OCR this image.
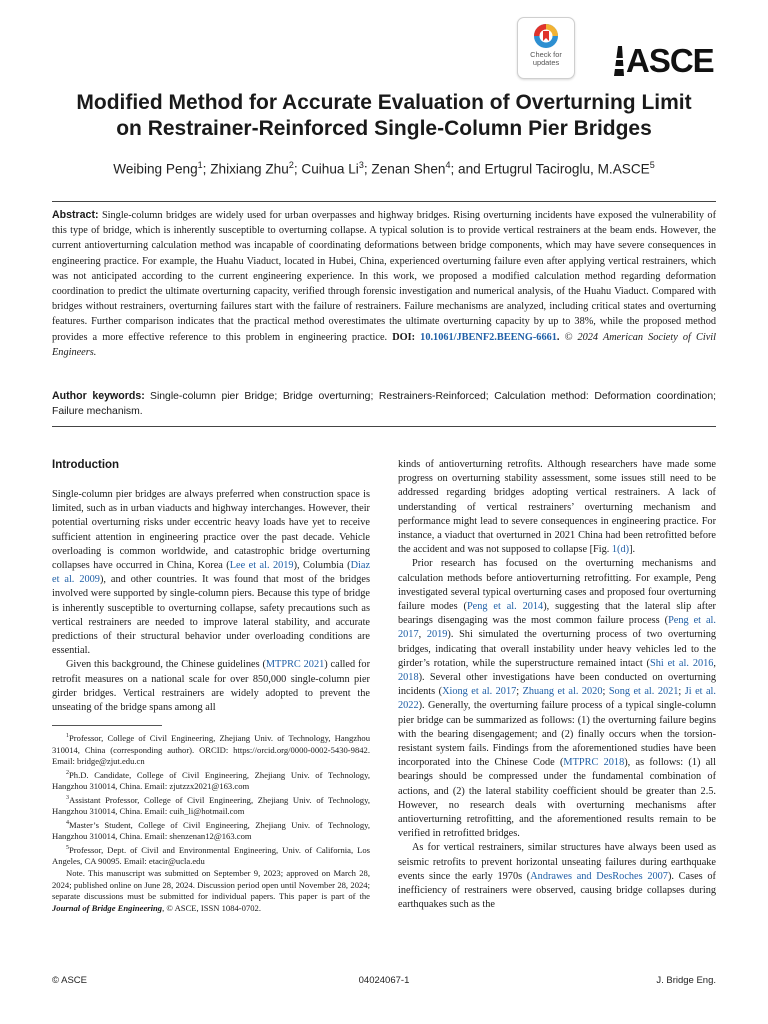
Check for
updates	ASCE
Modified Method for Accurate Evaluation of Overturning Limit
on Restrainer-Reinforced Single-Column Pier Bridges
Weibing Peng$^1$; Zhixiang Zhu$^2$; Cuihua Li$^3$; Zenan Shen$^4$; and Ertugrul Taciroglu, M.ASCE$^5$
Abstract: Single-column bridges are widely used for urban overpasses and highway bridges. Rising overturning incidents have exposed the vulnerability of this type of bridge, which is inherently susceptible to overturning collapse. A typical solution is to provide vertical restrainers at the beam ends. However, the current antioverturning calculation method was incapable of coordinating deformations between bridge components, which may have severe consequences in engineering practice. For example, the Huahu Viaduct, located in Hubei, China, experienced overturning failure even after applying vertical restrainers, which was not anticipated according to the current engineering experience. In this work, we proposed a modified calculation method regarding deformation coordination to predict the ultimate overturning capacity, verified through forensic investigation and numerical analysis, of the Huahu Viaduct. Compared with bridges without restrainers, overturning failures start with the failure of restrainers. Failure mechanisms are analyzed, including critical states and overturning features. Further comparison indicates that the practical method overestimates the ultimate overturning capacity by up to 38%, while the proposed method provides a more effective reference to this problem in engineering practice. DOI: 10.1061/JBENF2.BEENG-6661. © 2024 American Society of Civil Engineers.
Author keywords: Single-column pier Bridge; Bridge overturning; Restrainers-Reinforced; Calculation method: Deformation coordination; Failure mechanism.
Introduction

Single-column pier bridges are always preferred when construction space is limited, such as in urban viaducts and highway interchanges. However, their potential overturning risks under eccentric heavy loads have yet to receive sufficient attention in engineering practice over the past decade. Vehicle overloading is common worldwide, and catastrophic bridge overturning collapses have occurred in China, Korea (Lee et al. 2019), Columbia (Diaz et al. 2009), and other countries. It was found that most of the bridges involved were supported by single-column piers. Because this type of bridge is inherently susceptible to overturning collapse, safety precautions such as vertical restrainers are needed to improve lateral stability, and accurate predictions of their structural behavior under overloading conditions are essential.

Given this background, the Chinese guidelines (MTPRC 2021) called for retrofit measures on a national scale for over 850,000 single-column pier girder bridges. Vertical restrainers are widely adopted to prevent the unseating of the bridge spans among all

$^1$Professor, College of Civil Engineering, Zhejiang Univ. of Technology, Hangzhou 310014, China (corresponding author). ORCID: https://orcid.org/0000-0002-5430-9842. Email: bridge@zjut.edu.cn

$^2$Ph.D. Candidate, College of Civil Engineering, Zhejiang Univ. of Technology, Hangzhou 310014, China. Email: zjutzzx2021@163.com

$^3$Assistant Professor, College of Civil Engineering, Zhejiang Univ. of Technology, Hangzhou 310014, China. Email: cuih_li@hotmail.com

$^4$Master’s Student, College of Civil Engineering, Zhejiang Univ. of Technology, Hangzhou 310014, China. Email: shenzenan12@163.com

$^5$Professor, Dept. of Civil and Environmental Engineering, Univ. of California, Los Angeles, CA 90095. Email: etacir@ucla.edu

Note. This manuscript was submitted on September 9, 2023; approved on March 28, 2024; published online on June 28, 2024. Discussion period open until November 28, 2024; separate discussions must be submitted for individual papers. This paper is part of the Journal of Bridge Engineering, © ASCE, ISSN 1084-0702.

kinds of antioverturning retrofits. Although researchers have made some progress on overturning stability assessment, some issues still need to be addressed regarding bridges adopting vertical restrainers. A lack of understanding of vertical restrainers’ overturning mechanism and performance might lead to severe consequences in engineering practice. For instance, a viaduct that overturned in 2021 China had been retrofitted before the accident and was not supposed to collapse [Fig. 1(d)].

Prior research has focused on the overturning mechanisms and calculation methods before antioverturning retrofitting. For example, Peng investigated several typical overturning cases and proposed four overturning failure modes (Peng et al. 2014), suggesting that the lateral slip after bearings disengaging was the most common failure process (Peng et al. 2017, 2019). Shi simulated the overturning process of two overturning bridges, indicating that overall instability under heavy vehicles led to the girder’s rotation, while the superstructure remained intact (Shi et al. 2016, 2018). Several other investigations have been conducted on overturning incidents (Xiong et al. 2017; Zhuang et al. 2020; Song et al. 2021; Ji et al. 2022). Generally, the overturning failure process of a typical single-column pier bridge can be summarized as follows: (1) the overturning failure begins with the bearing disengagement; and (2) finally occurs when the torsion-resistant system fails. Findings from the aforementioned studies have been incorporated into the Chinese Code (MTPRC 2018), as follows: (1) all bearings should be compressed under the fundamental combination of actions, and (2) the lateral stability coefficient should be greater than 2.5. However, no research deals with overturning mechanisms after antioverturning retrofitting, and the aforementioned results remain to be verified in retrofitted bridges.

As for vertical restrainers, similar structures have always been used as seismic retrofits to prevent horizontal unseating failures during earthquake events since the early 1970s (Andrawes and DesRoches 2007). Cases of inefficiency of restrainers were observed, causing bridge collapses during earthquakes such as the

© ASCE	04024067-1	J. Bridge Eng.
